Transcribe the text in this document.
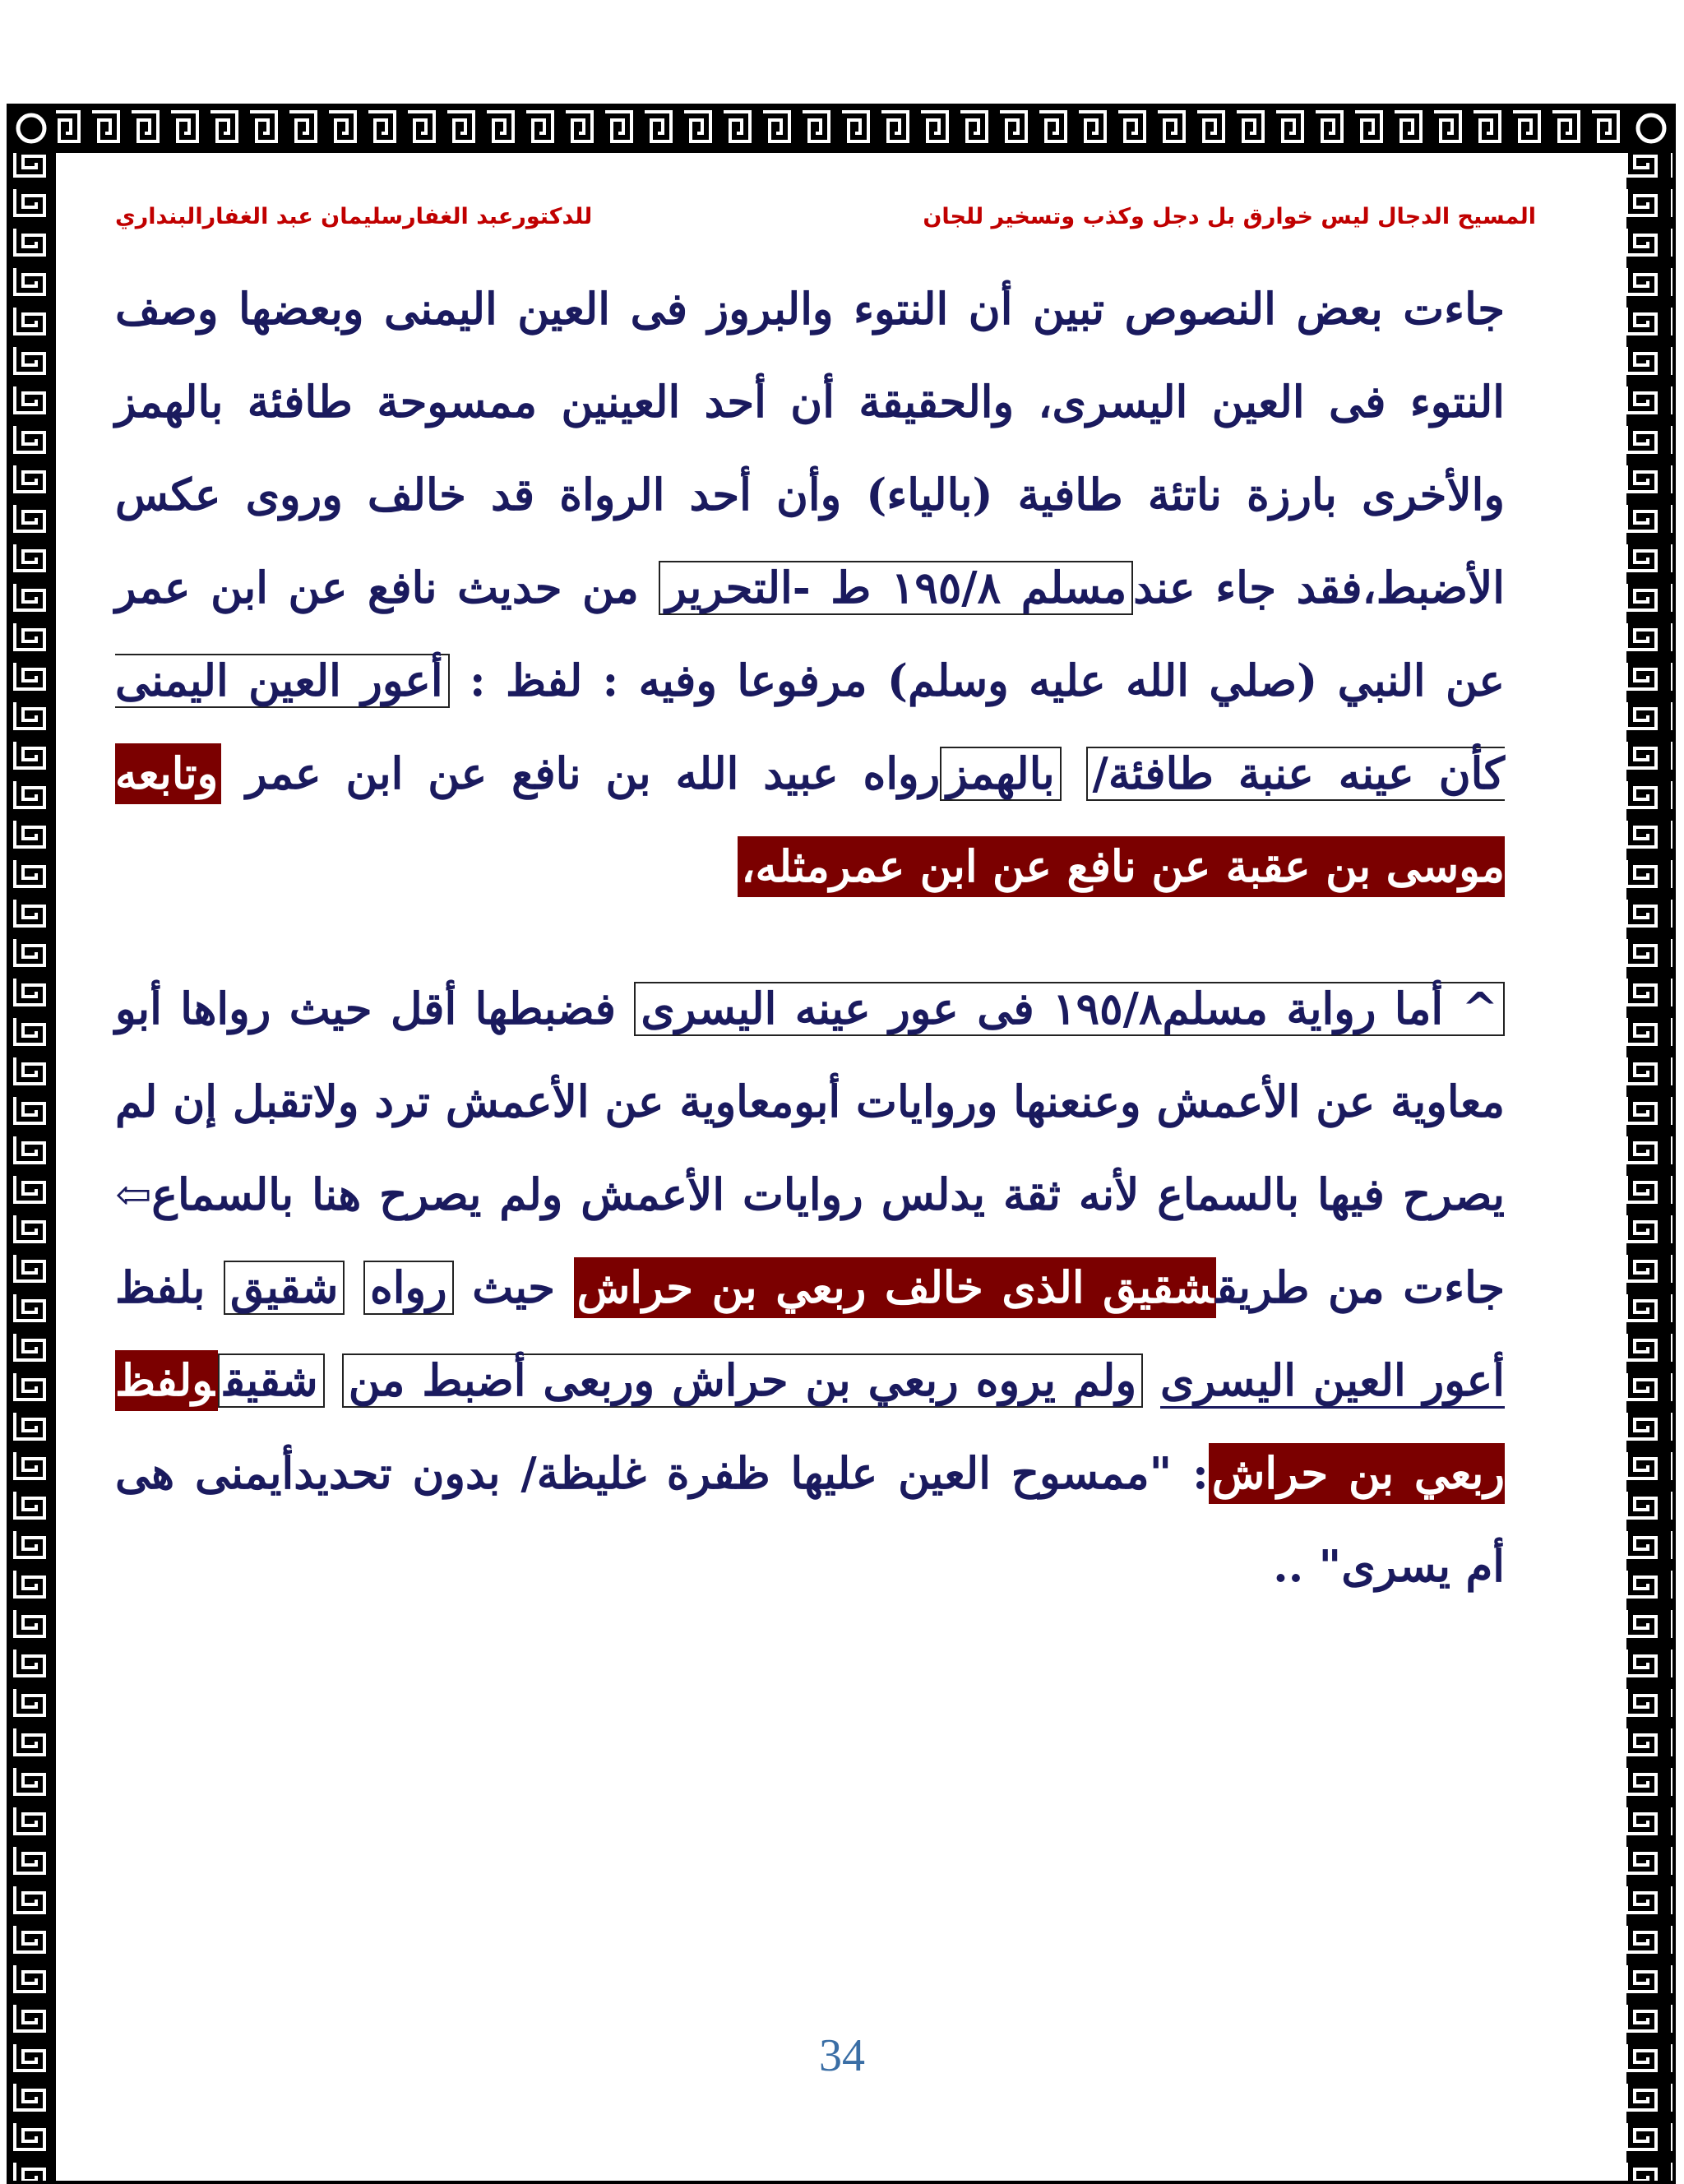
المسيح الدجال ليس خوارق بل دجل وكذب وتسخير للجان
للدكتورعبد الغفارسليمان عبد الغفارالبنداري

جاءت بعض النصوص تبين أن النتوء والبروز فى العين اليمنى وبعضها وصف النتوء فى العين اليسرى، والحقيقة أن أحد العينين ممسوحة طافئة بالهمز والأخرى بارزة ناتئة طافية (بالياء) وأن أحد الرواة قد خالف وروى عكس الأضبط،فقد جاء عندمسلم ١٩٥/٨ ط -التحرير من حديث نافع عن ابن عمر عن النبي (صلي الله عليه وسلم) مرفوعا وفيه : لفظ : أعور العين اليمنى كأن عينه عنبة طافئة/ بالهمزرواه عبيد الله بن نافع عن ابن عمر وتابعه موسى بن عقبة عن نافع عن ابن عمرمثله،

^ أما رواية مسلم١٩٥/٨ فى عور عينه اليسرى فضبطها أقل حيث رواها أبو معاوية عن الأعمش وعنعنها وروايات أبومعاوية عن الأعمش ترد ولاتقبل إن لم يصرح فيها بالسماع لأنه ثقة يدلس روايات الأعمش ولم يصرح هنا بالسماع⇦ جاءت من طريقشقيق الذى خالف ربعي بن حراش حيث رواه شقيق بلفظ أعور العين اليسرى ولم يروه ربعي بن حراش وربعى أضبط من شقيقولفظ ربعي بن حراش: "ممسوح العين عليها ظفرة غليظة/ بدون تحديدأيمنى هى أم يسرى" ..

34
